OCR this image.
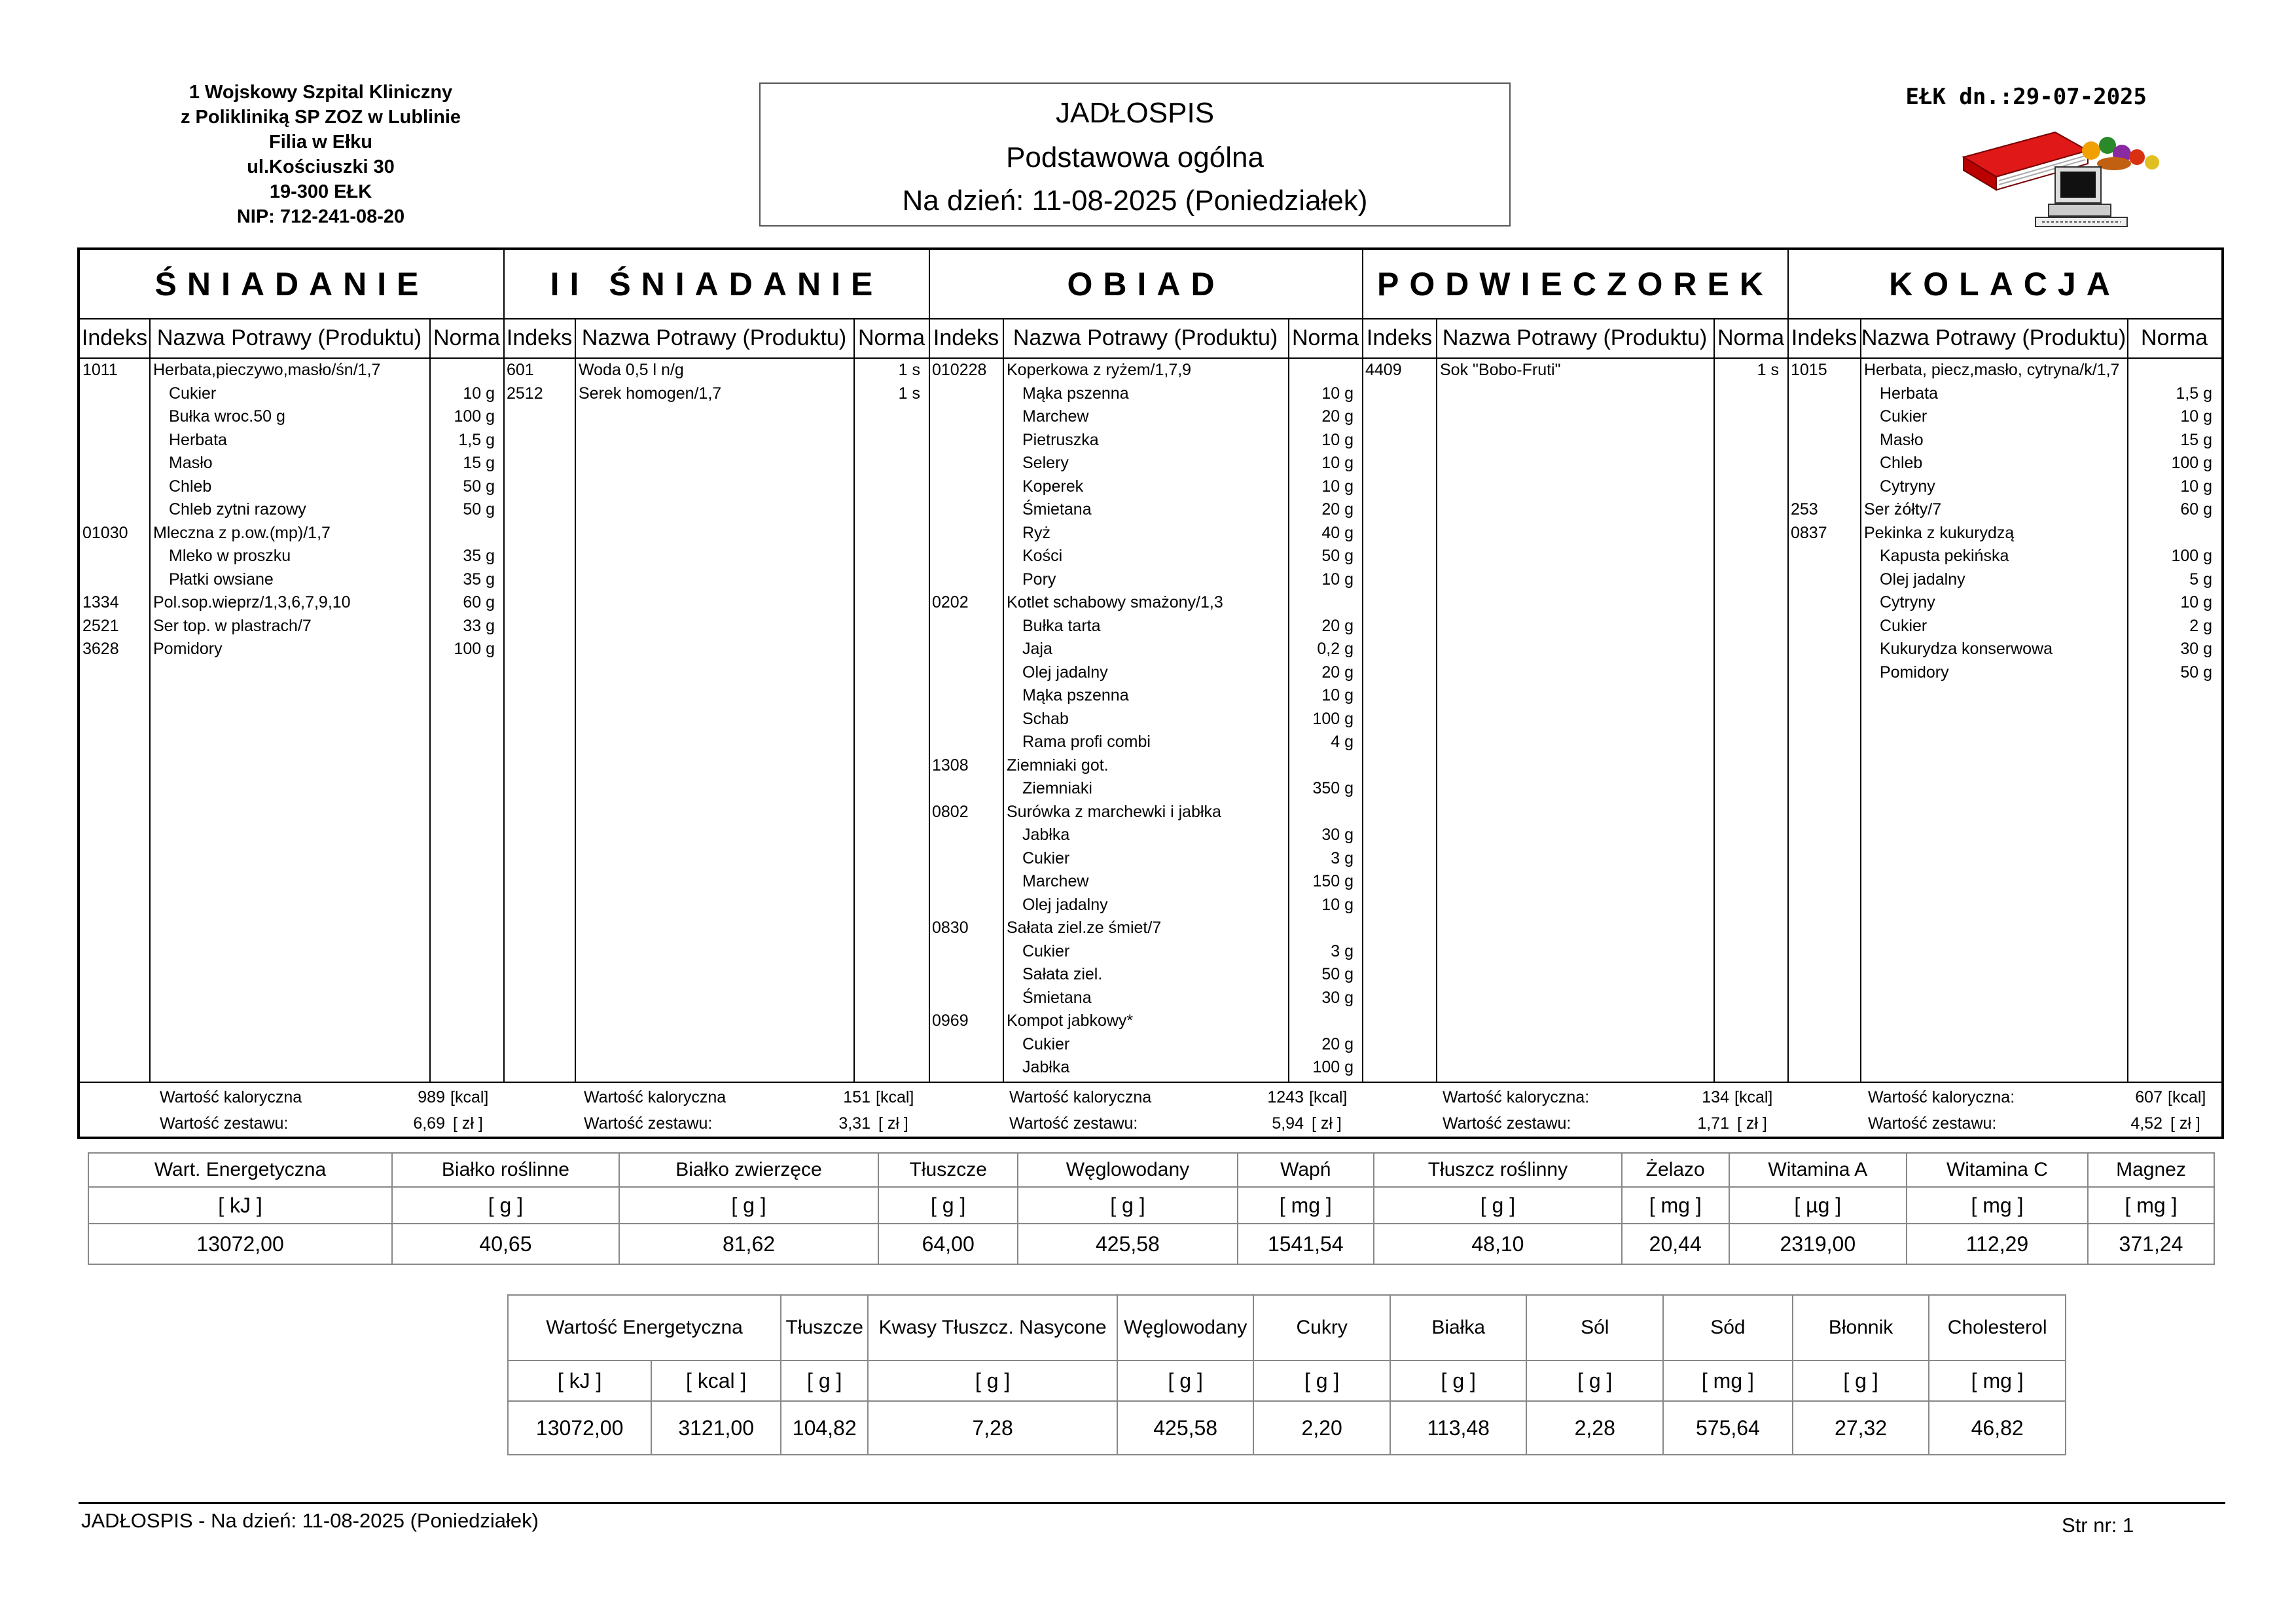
1 Wojskowy Szpital Kliniczny
z Polikliniką SP ZOZ w Lublinie
Filia w Ełku
ul.Kościuszki 30
19-300 EŁK
NIP: 712-241-08-20
JADŁOSPIS
Podstawowa ogólna
Na dzień: 11-08-2025 (Poniedziałek)
EŁK dn.:29-07-2025
ŚNIADANIE
Indeks Nazwa Potrawy (Produktu) Norma
1011 Herbata,pieczywo,masło/śn/1,7
Cukier	10 g
Bułka wroc.50 g	100 g
Herbata	1,5 g
Masło	15 g
Chleb	50 g
Chleb zytni razowy	50 g
01030 Mleczna z p.ow.(mp)/1,7
Mleko w proszku	35 g
Płatki owsiane	35 g
1334 Pol.sop.wieprz/1,3,6,7,9,10	60 g
2521 Ser top. w plastrach/7	33 g
3628 Pomidory	100 g
Wartość kaloryczna	989 [kcal]
Wartość zestawu:	6,69 [ zł ]
II ŚNIADANIE
Indeks Nazwa Potrawy (Produktu) Norma
601	Woda 0,5 l n/g	1 s
2512 Serek homogen/1,7	1 s
Wartość kaloryczna	151 [kcal]
Wartość zestawu:	3,31 [ zł ]
OBIAD
Indeks Nazwa Potrawy (Produktu) Norma
010228 Koperkowa z ryżem/1,7,9
Mąka pszenna	10 g
Marchew	20 g
Pietruszka	10 g
Selery	10 g
Koperek	10 g
Śmietana	20 g
Ryż	40 g
Kości	50 g
Pory	10 g
0202 Kotlet schabowy smażony/1,3
Bułka tarta	20 g
Jaja	0,2 g
Olej jadalny	20 g
Mąka pszenna	10 g
Schab	100 g
Rama profi combi	4 g
1308 Ziemniaki got.
Ziemniaki	350 g
0802 Surówka z marchewki i jabłka
Jabłka	30 g
Cukier	3 g
Marchew	150 g
Olej jadalny	10 g
0830 Sałata ziel.ze śmiet/7
Cukier	3 g
Sałata ziel.	50 g
Śmietana	30 g
0969 Kompot jabkowy*
Cukier	20 g
Jabłka	100 g
Wartość kaloryczna	1243 [kcal]
Wartość zestawu:	5,94 [ zł ]
PODWIECZOREK
Indeks Nazwa Potrawy (Produktu) Norma
4409 Sok "Bobo-Fruti"	1 s
Wartość kaloryczna:	134 [kcal]
Wartość zestawu:	1,71 [ zł ]
KOLACJA
Indeks Nazwa Potrawy (Produktu) Norma
1015 Herbata, piecz,masło, cytryna/k/1,7
Herbata	1,5 g
Cukier	10 g
Masło	15 g
Chleb	100 g
Cytryny	10 g
253	Ser żółty/7	60 g
0837 Pekinka z kukurydzą
Kapusta pekińska	100 g
Olej jadalny	5 g
Cytryny	10 g
Cukier	2 g
Kukurydza konserwowa	30 g
Pomidory	50 g
Wartość kaloryczna:	607 [kcal]
Wartość zestawu:	4,52 [ zł ]
Wart. Energetyczna	Białko roślinne	Białko zwierzęce	Tłuszcze	Węglowodany	Wapń	Tłuszcz roślinny	Żelazo	Witamina A	Witamina C	Magnez
[ kJ ]	[ g ]	[ g ]	[ g ]	[ g ]	[ mg ]	[ g ]	[ mg ]	[ µg ]	[ mg ]	[ mg ]
13072,00	40,65	81,62	64,00	425,58	1541,54	48,10	20,44	2319,00	112,29	371,24
Wartość Energetyczna		Tłuszcze	Kwasy Tłuszcz. Nasycone	Węglowodany	Cukry	Białka	Sól	Sód	Błonnik	Cholesterol
[ kJ ]	[ kcal ]	[ g ]	[ g ]	[ g ]	[ g ]	[ g ]	[ g ]	[ mg ]	[ g ]	[ mg ]
13072,00	3121,00	104,82	7,28	425,58	2,20	113,48	2,28	575,64	27,32	46,82
JADŁOSPIS - Na dzień: 11-08-2025 (Poniedziałek)	Str nr: 1
